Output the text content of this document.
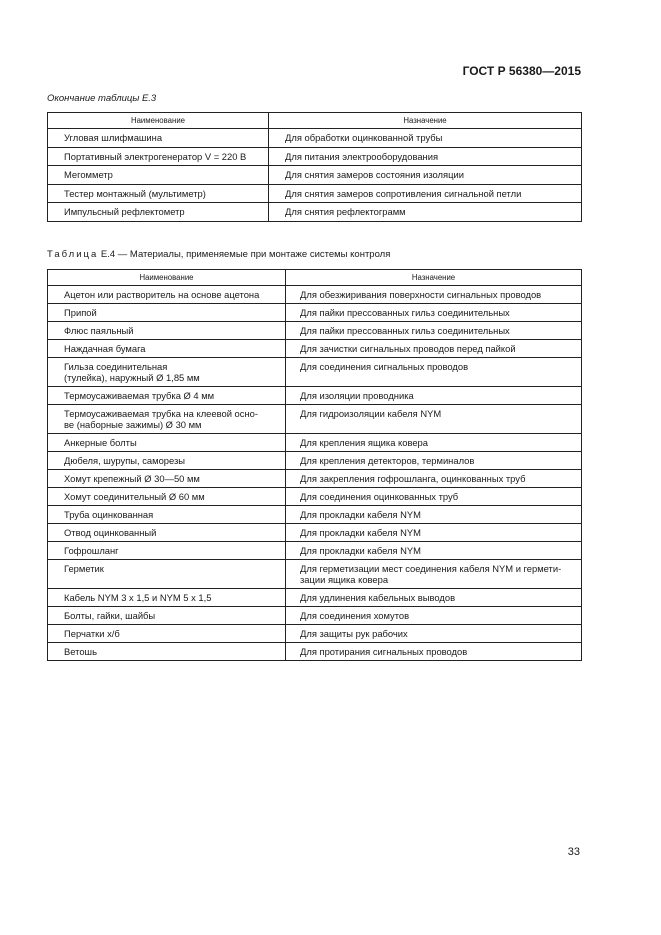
ГОСТ Р 56380—2015
Окончание таблицы Е.3
Наименование	Назначение
Угловая шлифмашина	Для обработки оцинкованной трубы
Портативный электрогенератор V = 220 В	Для питания электрооборудования
Мегомметр	Для снятия замеров состояния изоляции
Тестер монтажный (мультиметр)	Для снятия замеров сопротивления сигнальной петли
Импульсный рефлектометр	Для снятия рефлектограмм
Таблица Е.4 — Материалы, применяемые при монтаже системы контроля
Наименование	Назначение
Ацетон или растворитель на основе ацетона	Для обезжиривания поверхности сигнальных проводов
Припой	Для пайки прессованных гильз соединительных
Флюс паяльный	Для пайки прессованных гильз соединительных
Наждачная бумага	Для зачистки сигнальных проводов перед пайкой
Гильза соединительная
(тулейка), наружный Ø 1,85 мм	Для соединения сигнальных проводов
Термоусаживаемая трубка Ø 4 мм	Для изоляции проводника
Термоусаживаемая трубка на клеевой осно-
ве (наборные зажимы) Ø 30 мм	Для гидроизоляции кабеля NYM
Анкерные болты	Для крепления ящика ковера
Дюбеля, шурупы, саморезы	Для крепления детекторов, терминалов
Хомут крепежный Ø 30—50 мм	Для закрепления гофрошланга, оцинкованных труб
Хомут соединительный Ø 60 мм	Для соединения оцинкованных труб
Труба оцинкованная	Для прокладки кабеля NYM
Отвод оцинкованный	Для прокладки кабеля NYM
Гофрошланг	Для прокладки кабеля NYM
Герметик	Для герметизации мест соединения кабеля NYM и гермети-
зации ящика ковера
Кабель NYM 3 х 1,5 и NYM 5 х 1,5	Для удлинения кабельных выводов
Болты, гайки, шайбы	Для соединения хомутов
Перчатки х/б	Для защиты рук рабочих
Ветошь	Для протирания сигнальных проводов
33
